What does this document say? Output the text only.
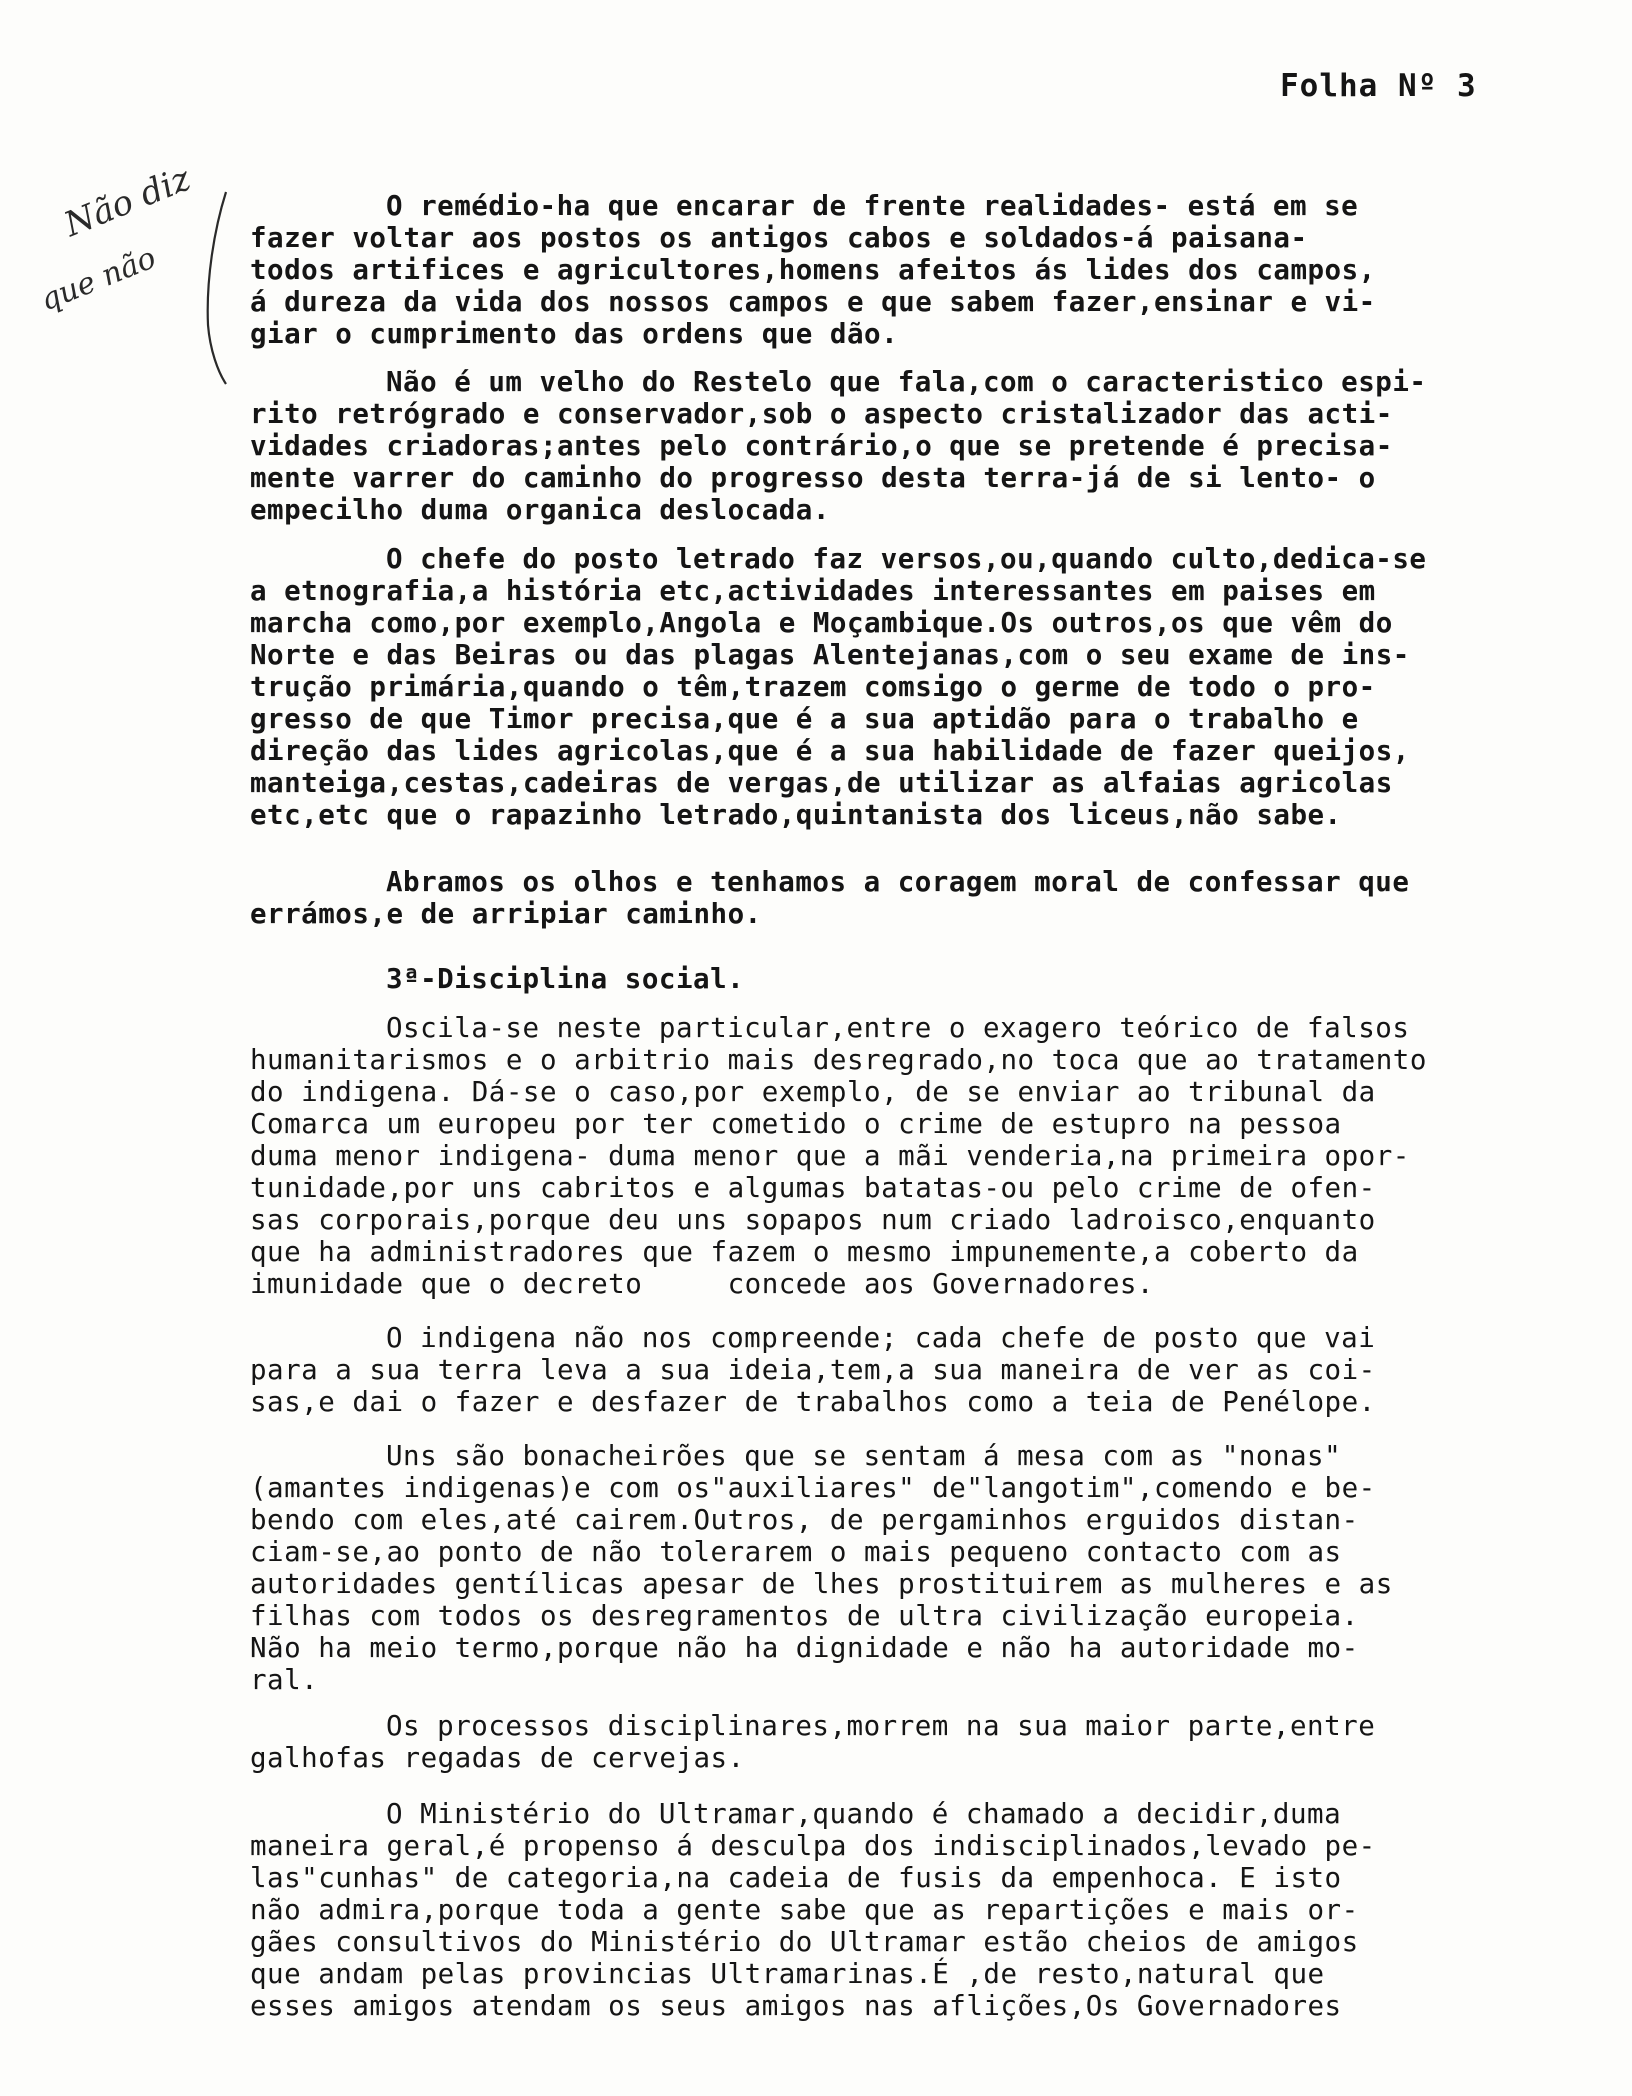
Folha Nº 3
Não diz
que não
O remédio-ha que encarar de frente realidades- está em se
fazer voltar aos postos os antigos cabos e soldados-á paisana-
todos artifices e agricultores,homens afeitos ás lides dos campos,
á dureza da vida dos nossos campos e que sabem fazer,ensinar e vi-
giar o cumprimento das ordens que dão.
Não é um velho do Restelo que fala,com o caracteristico espi-
rito retrógrado e conservador,sob o aspecto cristalizador das acti-
vidades criadoras;antes pelo contrário,o que se pretende é precisa-
mente varrer do caminho do progresso desta terra-já de si lento- o
empecilho duma organica deslocada.
O chefe do posto letrado faz versos,ou,quando culto,dedica-se
a etnografia,a história etc,actividades interessantes em paises em
marcha como,por exemplo,Angola e Moçambique.Os outros,os que vêm do
Norte e das Beiras ou das plagas Alentejanas,com o seu exame de ins-
trução primária,quando o têm,trazem comsigo o germe de todo o pro-
gresso de que Timor precisa,que é a sua aptidão para o trabalho e
direção das lides agricolas,que é a sua habilidade de fazer queijos,
manteiga,cestas,cadeiras de vergas,de utilizar as alfaias agricolas
etc,etc que o rapazinho letrado,quintanista dos liceus,não sabe.
Abramos os olhos e tenhamos a coragem moral de confessar que
errámos,e de arripiar caminho.
3ª-Disciplina social.
Oscila-se neste particular,entre o exagero teórico de falsos
humanitarismos e o arbitrio mais desregrado,no toca que ao tratamento
do indigena. Dá-se o caso,por exemplo, de se enviar ao tribunal da
Comarca um europeu por ter cometido o crime de estupro na pessoa
duma menor indigena- duma menor que a mãi venderia,na primeira opor-
tunidade,por uns cabritos e algumas batatas-ou pelo crime de ofen-
sas corporais,porque deu uns sopapos num criado ladroisco,enquanto
que ha administradores que fazem o mesmo impunemente,a coberto da
imunidade que o decreto     concede aos Governadores.
O indigena não nos compreende; cada chefe de posto que vai
para a sua terra leva a sua ideia,tem,a sua maneira de ver as coi-
sas,e dai o fazer e desfazer de trabalhos como a teia de Penélope.
Uns são bonacheirões que se sentam á mesa com as "nonas"
(amantes indigenas)e com os"auxiliares" de"langotim",comendo e be-
bendo com eles,até cairem.Outros, de pergaminhos erguidos distan-
ciam-se,ao ponto de não tolerarem o mais pequeno contacto com as
autoridades gentílicas apesar de lhes prostituirem as mulheres e as
filhas com todos os desregramentos de ultra civilização europeia.
Não ha meio termo,porque não ha dignidade e não ha autoridade mo-
ral.
Os processos disciplinares,morrem na sua maior parte,entre
galhofas regadas de cervejas.
O Ministério do Ultramar,quando é chamado a decidir,duma
maneira geral,é propenso á desculpa dos indisciplinados,levado pe-
las"cunhas" de categoria,na cadeia de fusis da empenhoca. E isto
não admira,porque toda a gente sabe que as repartições e mais or-
gães consultivos do Ministério do Ultramar estão cheios de amigos
que andam pelas provincias Ultramarinas.É ,de resto,natural que
esses amigos atendam os seus amigos nas aflições,Os Governadores
